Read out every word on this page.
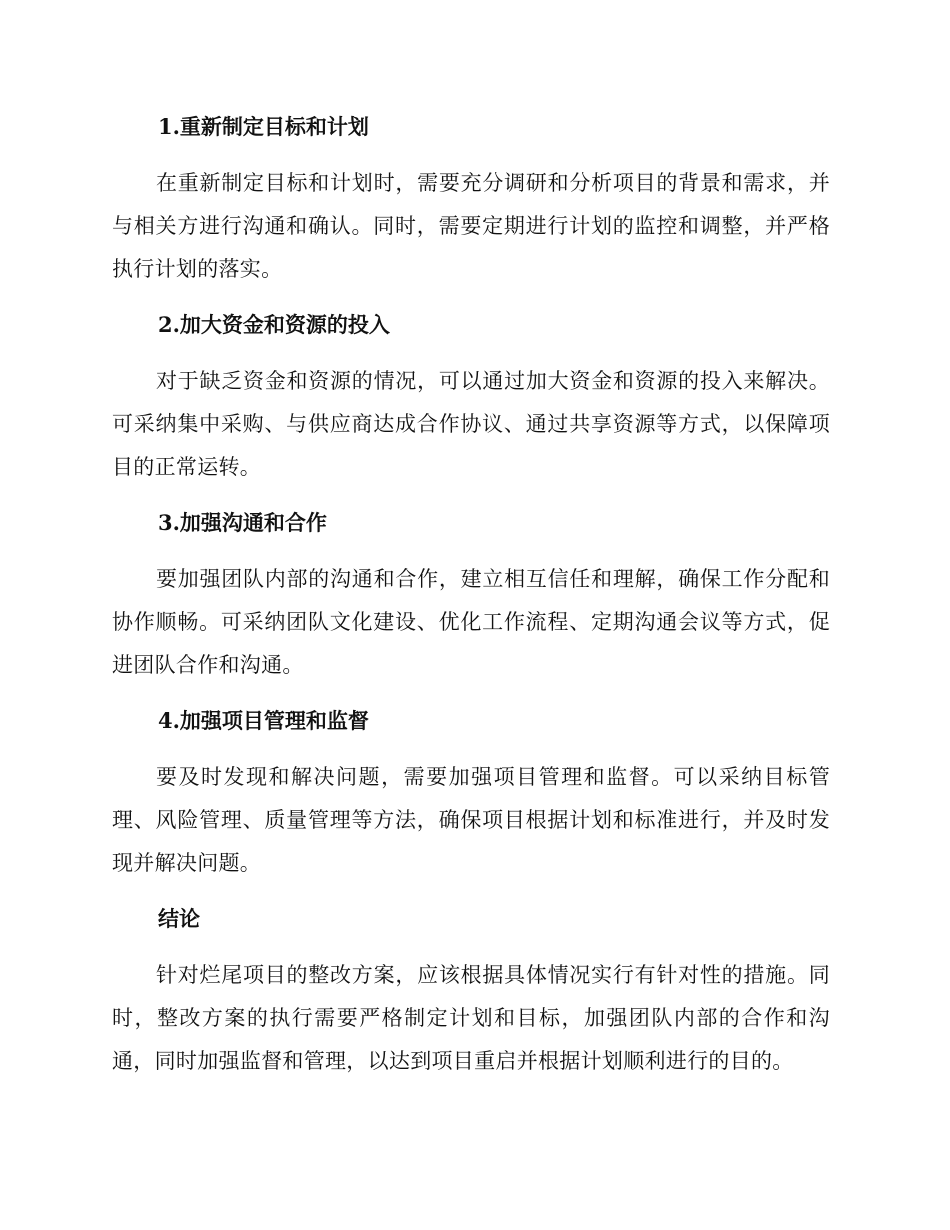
1.重新制定目标和计划

在重新制定目标和计划时，需要充分调研和分析项目的背景和需求，并与相关方进行沟通和确认。同时，需要定期进行计划的监控和调整，并严格执行计划的落实。

2.加大资金和资源的投入

对于缺乏资金和资源的情况，可以通过加大资金和资源的投入来解决。可采纳集中采购、与供应商达成合作协议、通过共享资源等方式，以保障项目的正常运转。

3.加强沟通和合作

要加强团队内部的沟通和合作，建立相互信任和理解，确保工作分配和协作顺畅。可采纳团队文化建设、优化工作流程、定期沟通会议等方式，促进团队合作和沟通。

4.加强项目管理和监督

要及时发现和解决问题，需要加强项目管理和监督。可以采纳目标管理、风险管理、质量管理等方法，确保项目根据计划和标准进行，并及时发现并解决问题。

结论

针对烂尾项目的整改方案，应该根据具体情况实行有针对性的措施。同时，整改方案的执行需要严格制定计划和目标，加强团队内部的合作和沟通，同时加强监督和管理，以达到项目重启并根据计划顺利进行的目的。
